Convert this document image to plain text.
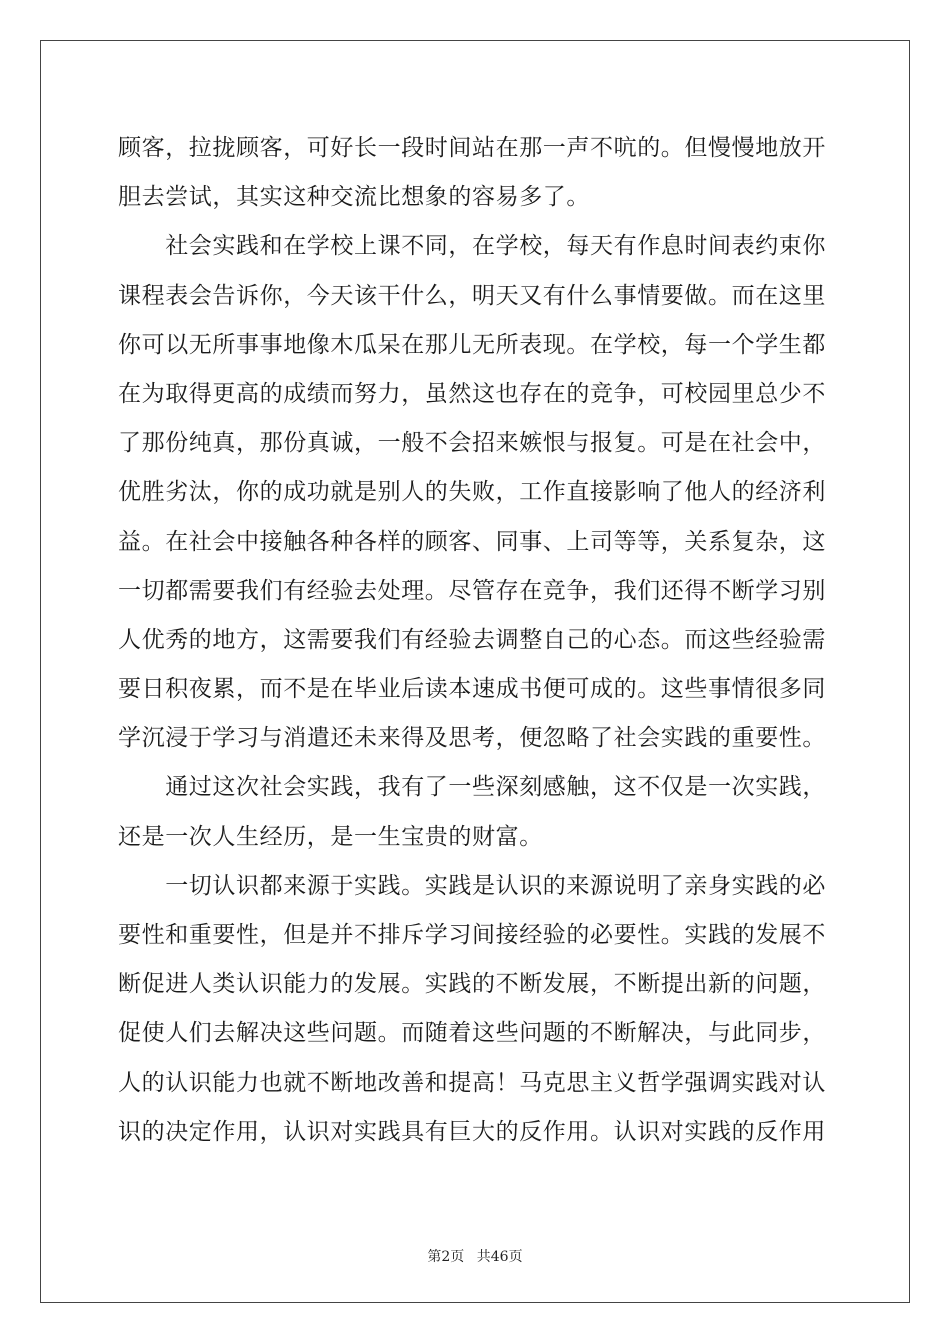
顾客，拉拢顾客，可好长一段时间站在那一声不吭的。但慢慢地放开
胆去尝试，其实这种交流比想象的容易多了。
　　社会实践和在学校上课不同，在学校，每天有作息时间表约束你
课程表会告诉你，今天该干什么，明天又有什么事情要做。而在这里
你可以无所事事地像木瓜呆在那儿无所表现。在学校，每一个学生都
在为取得更高的成绩而努力，虽然这也存在的竞争，可校园里总少不
了那份纯真，那份真诚，一般不会招来嫉恨与报复。可是在社会中，
优胜劣汰，你的成功就是别人的失败，工作直接影响了他人的经济利
益。在社会中接触各种各样的顾客、同事、上司等等，关系复杂，这
一切都需要我们有经验去处理。尽管存在竞争，我们还得不断学习别
人优秀的地方，这需要我们有经验去调整自己的心态。而这些经验需
要日积夜累，而不是在毕业后读本速成书便可成的。这些事情很多同
学沉浸于学习与消遣还未来得及思考，便忽略了社会实践的重要性。
　　通过这次社会实践，我有了一些深刻感触，这不仅是一次实践，
还是一次人生经历，是一生宝贵的财富。
　　一切认识都来源于实践。实践是认识的来源说明了亲身实践的必
要性和重要性，但是并不排斥学习间接经验的必要性。实践的发展不
断促进人类认识能力的发展。实践的不断发展，不断提出新的问题，
促使人们去解决这些问题。而随着这些问题的不断解决，与此同步，
人的认识能力也就不断地改善和提高！马克思主义哲学强调实践对认
识的决定作用，认识对实践具有巨大的反作用。认识对实践的反作用
第2页 共46页
